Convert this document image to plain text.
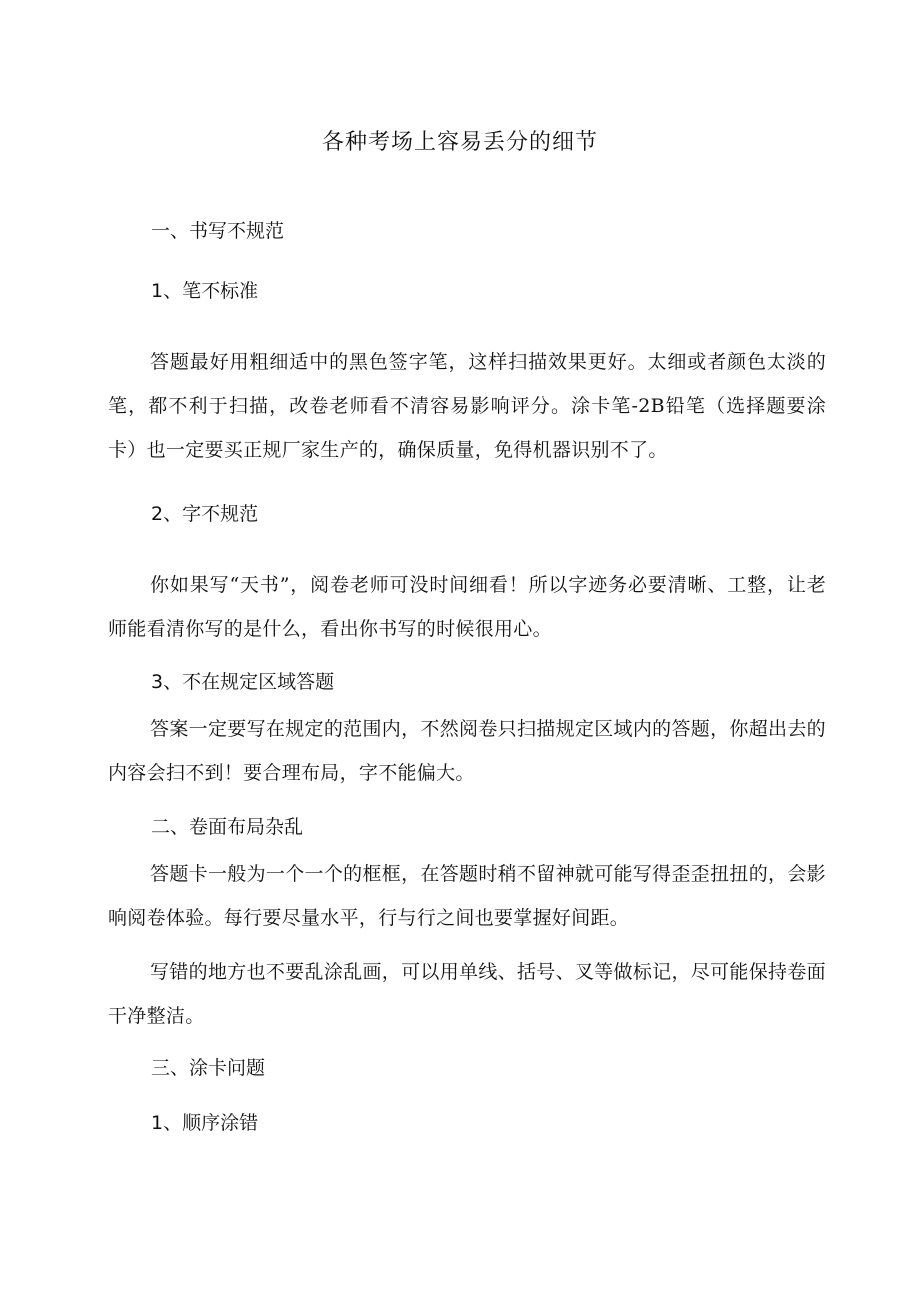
各种考场上容易丢分的细节
一、书写不规范
1、笔不标准
答题最好用粗细适中的黑色签字笔，这样扫描效果更好。太细或者颜色太淡的笔，都不利于扫描，改卷老师看不清容易影响评分。涂卡笔-2B铅笔（选择题要涂卡）也一定要买正规厂家生产的，确保质量，免得机器识别不了。
2、字不规范
你如果写“天书”，阅卷老师可没时间细看！所以字迹务必要清晰、工整，让老师能看清你写的是什么，看出你书写的时候很用心。
3、不在规定区域答题
答案一定要写在规定的范围内，不然阅卷只扫描规定区域内的答题，你超出去的内容会扫不到！要合理布局，字不能偏大。
二、卷面布局杂乱
答题卡一般为一个一个的框框，在答题时稍不留神就可能写得歪歪扭扭的，会影响阅卷体验。每行要尽量水平，行与行之间也要掌握好间距。
写错的地方也不要乱涂乱画，可以用单线、括号、叉等做标记，尽可能保持卷面干净整洁。
三、涂卡问题
1、顺序涂错
